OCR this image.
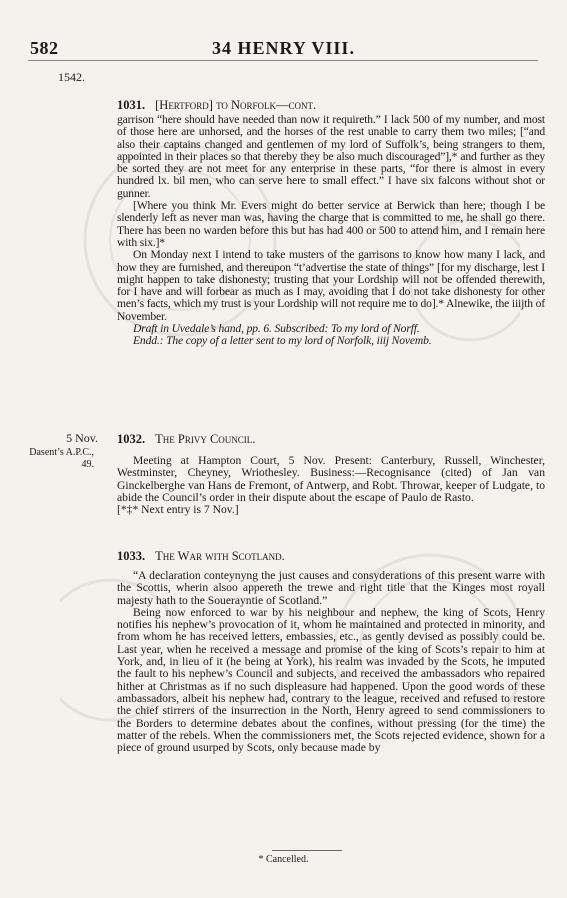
582	34 HENRY VIII.
1542.
1031. [Hertford] to Norfolk—cont.

garrison “here should have needed than now it requireth.” I lack 500 of my number, and most of those here are unhorsed, and the horses of the rest unable to carry them two miles; [“and also their captains changed and gentlemen of my lord of Suffolk’s, being strangers to them, appointed in their places so that thereby they be also much discouraged”],* and further as they be sorted they are not meet for any enterprise in these parts, “for there is almost in every hundred lx. bil men, who can serve here to small effect.” I have six falcons without shot or gunner.

[Where you think Mr. Evers might do better service at Berwick than here; though I be slenderly left as never man was, having the charge that is committed to me, he shall go there. There has been no warden before this but has had 400 or 500 to attend him, and I remain here with six.]*

On Monday next I intend to take musters of the garrisons to know how many I lack, and how they are furnished, and thereupon “t’advertise the state of things” [for my discharge, lest I might happen to take dishonesty; trusting that your Lordship will not be offended therewith, for I have and will forbear as much as I may, avoiding that I do not take dishonesty for other men’s facts, which my trust is your Lordship will not require me to do].* Alnewike, the iiijth of November.

Draft in Uvedale’s hand, pp. 6. Subscribed: To my lord of Norff.

Endd.: The copy of a letter sent to my lord of Norfolk, iiij Novemb.

5 Nov.
Dasent’s A.P.C., 49.
1032. The Privy Council.

Meeting at Hampton Court, 5 Nov. Present: Canterbury, Russell, Winchester, Westminster, Cheyney, Wriothesley. Business:—Recognisance (cited) of Jan van Ginckelberghe van Hans de Fremont, of Antwerp, and Robt. Throwar, keeper of Ludgate, to abide the Council’s order in their dispute about the escape of Paulo de Rasto.

[*‡* Next entry is 7 Nov.]

1033. The War with Scotland.

“A declaration conteynyng the just causes and consyderations of this present warre with the Scottis, wherin alsoo appereth the trewe and right title that the Kinges most royall majesty hath to the Souerayntie of Scotland.”

Being now enforced to war by his neighbour and nephew, the king of Scots, Henry notifies his nephew’s provocation of it, whom he maintained and protected in minority, and from whom he has received letters, embassies, etc., as gently devised as possibly could be. Last year, when he received a message and promise of the king of Scots’s repair to him at York, and, in lieu of it (he being at York), his realm was invaded by the Scots, he imputed the fault to his nephew’s Council and subjects, and received the ambassadors who repaired hither at Christmas as if no such displeasure had happened. Upon the good words of these ambassadors, albeit his nephew had, contrary to the league, received and refused to restore the chief stirrers of the insurrection in the North, Henry agreed to send commissioners to the Borders to determine debates about the confines, without pressing (for the time) the matter of the rebels. When the commissioners met, the Scots rejected evidence, shown for a piece of ground usurped by Scots, only because made by

* Cancelled.
